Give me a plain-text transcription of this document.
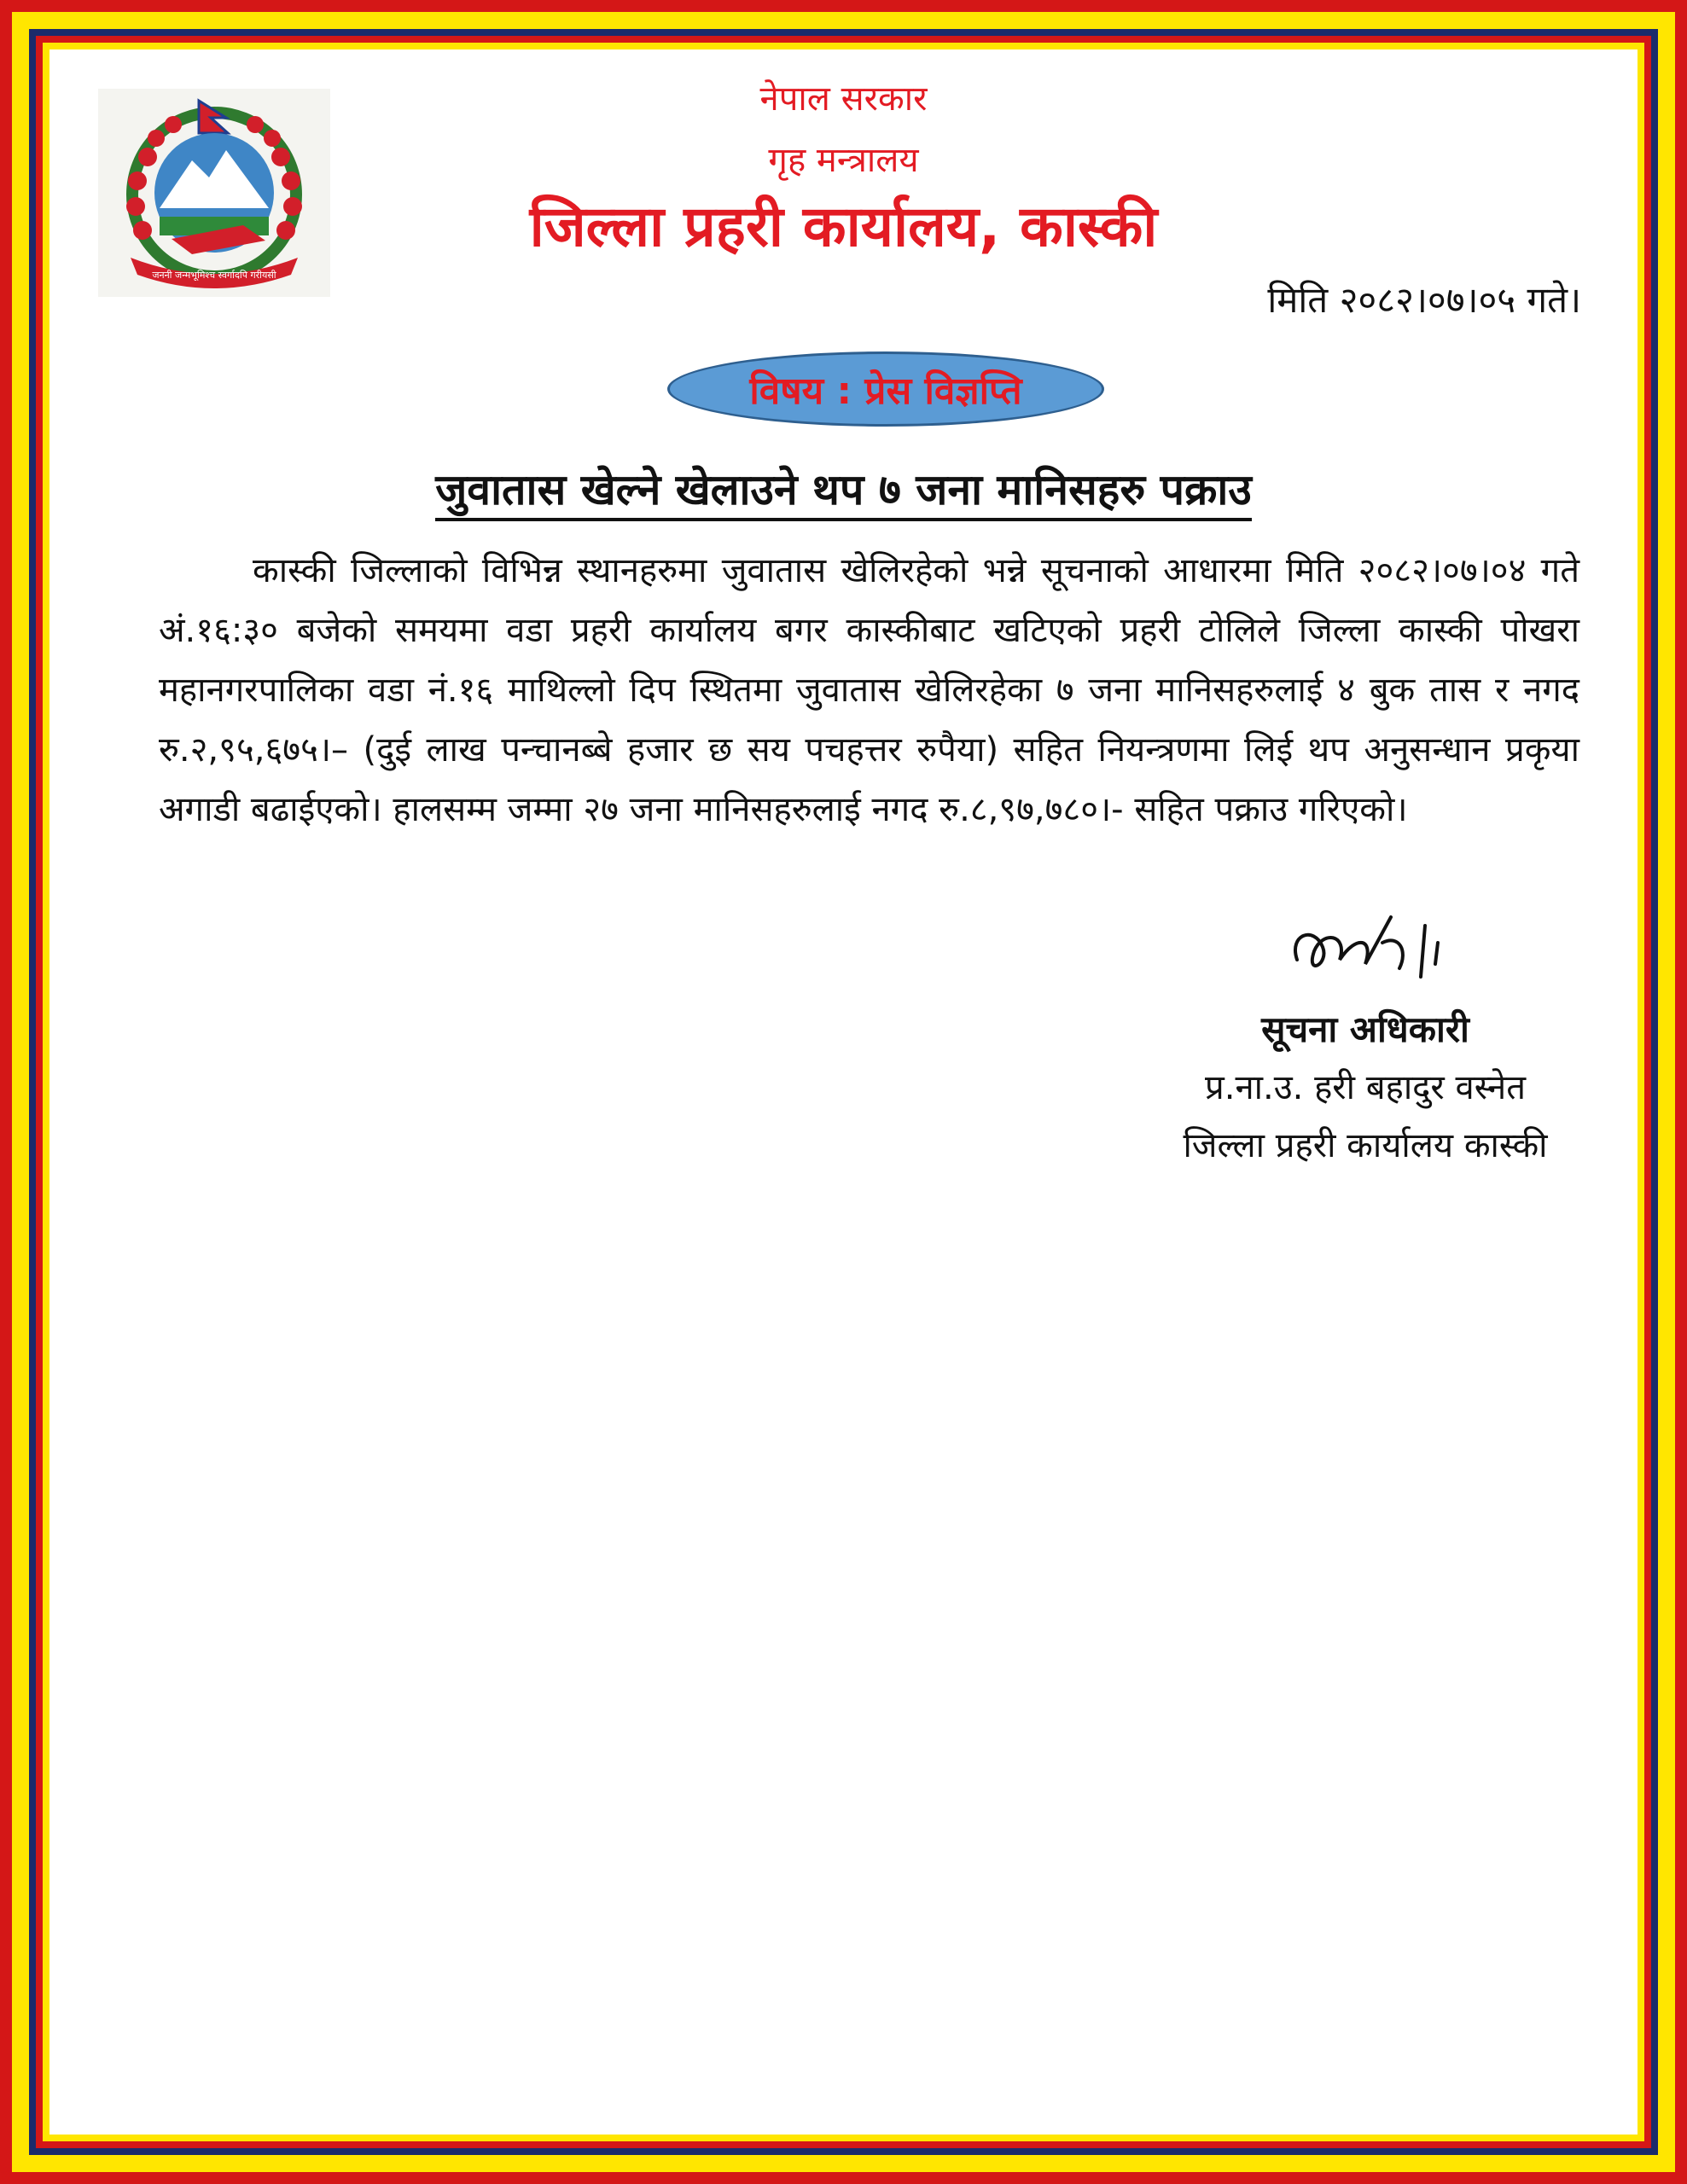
जननी जन्मभूमिश्च स्वर्गादपि गरीयसी
नेपाल सरकार
गृह मन्त्रालय
जिल्ला प्रहरी कार्यालय, कास्की
मिति २०८२।०७।०५ गते।
विषय : प्रेस विज्ञप्ति
जुवातास खेल्ने खेलाउने थप ७ जना मानिसहरु पक्राउ
कास्की जिल्लाको विभिन्न स्थानहरुमा जुवातास खेलिरहेको भन्ने सूचनाको आधारमा मिति २०८२।०७।०४ गते अं.१६:३० बजेको समयमा वडा प्रहरी कार्यालय बगर कास्कीबाट खटिएको प्रहरी टोलिले जिल्ला कास्की पोखरा महानगरपालिका वडा नं.१६ माथिल्लो दिप स्थितमा जुवातास खेलिरहेका ७ जना मानिसहरुलाई ४ बुक तास र नगद रु.२,९५,६७५।– (दुई लाख पन्चानब्बे हजार छ सय पचहत्तर रुपैया) सहित नियन्त्रणमा लिई थप अनुसन्धान प्रकृया अगाडी बढाईएको। हालसम्म जम्मा २७ जना मानिसहरुलाई नगद रु.८,९७,७८०।- सहित पक्राउ गरिएको।
सूचना अधिकारी
प्र.ना.उ. हरी बहादुर वस्नेत
जिल्ला प्रहरी कार्यालय कास्की
